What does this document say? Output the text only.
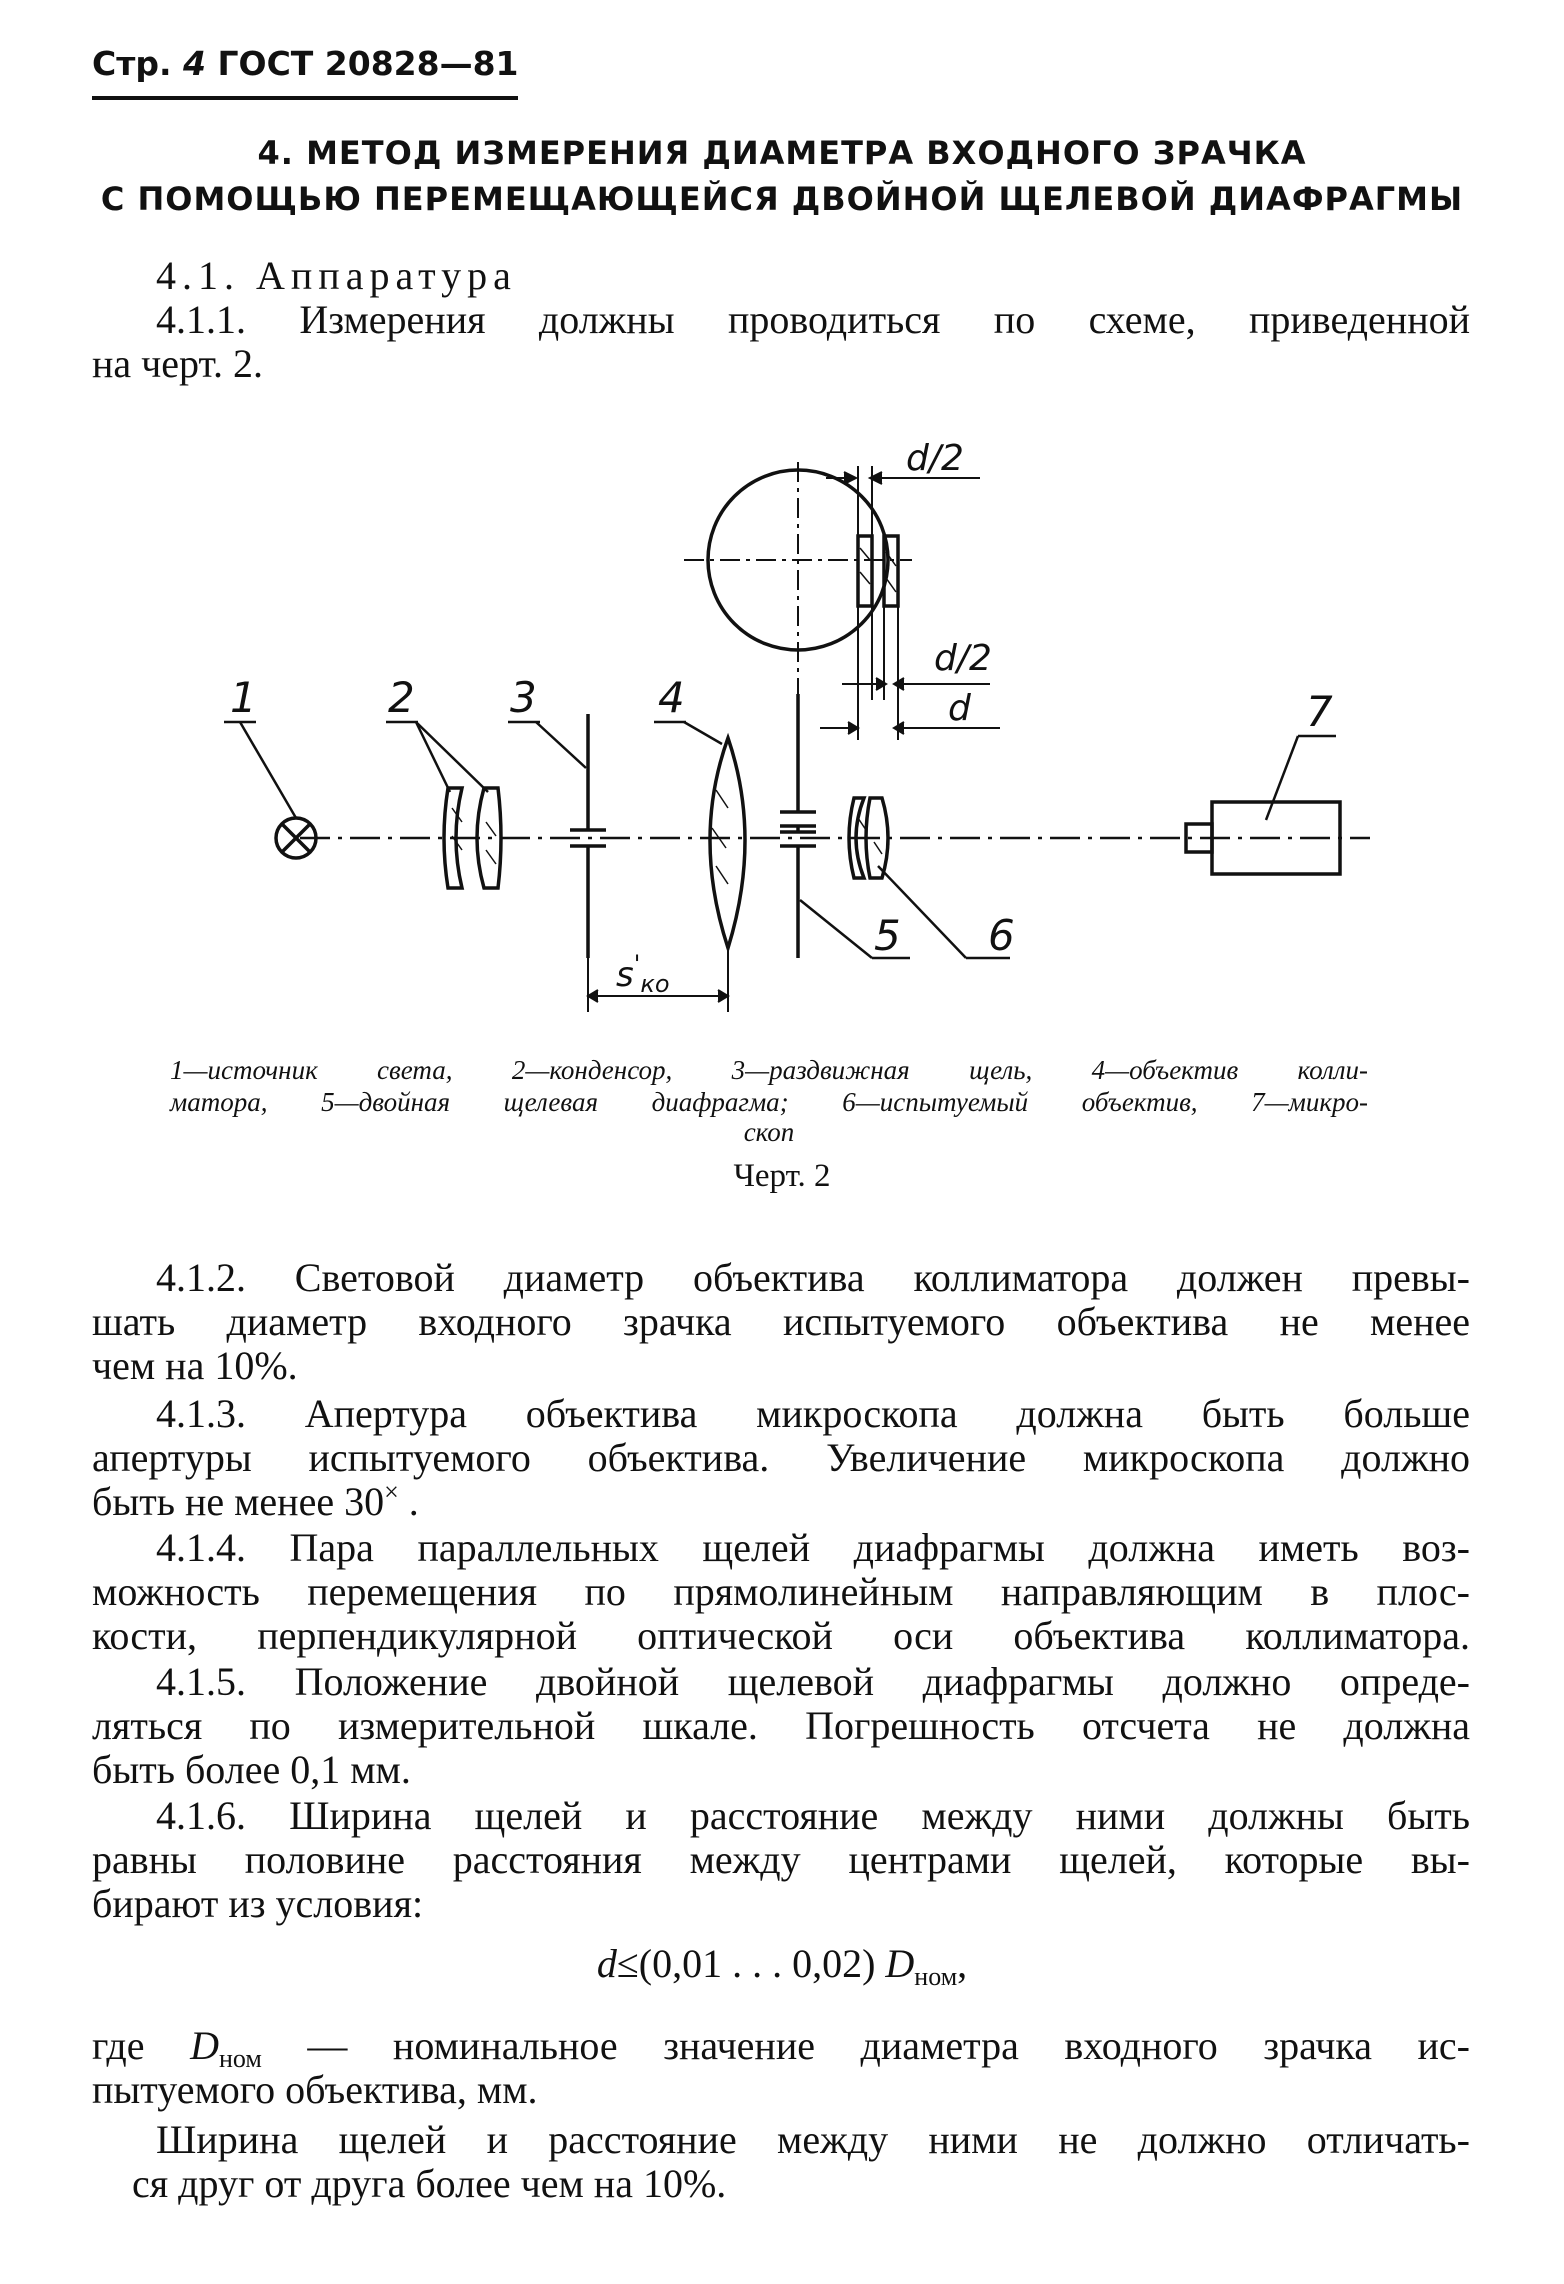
Стр. 4 ГОСТ 20828—81
4. МЕТОД ИЗМЕРЕНИЯ ДИАМЕТРА ВХОДНОГО ЗРАЧКА
С ПОМОЩЬЮ ПЕРЕМЕЩАЮЩЕЙСЯ ДВОЙНОЙ ЩЕЛЕВОЙ ДИАФРАГМЫ
4.1. Аппаратура
4.1.1. Измерения должны проводиться по схеме, приведенной
на черт. 2.
1	2 3	4
5 6
7
d/2
d/2
d
$s'_{ко}$
1—источник света, 2—конденсор, 3—раздвижная щель, 4—объектив колли-
матора, 5—двойная щелевая диафрагма; 6—испытуемый объектив, 7—микро-
скоп
Черт. 2
4.1.2. Световой диаметр объектива коллиматора должен превы-
шать диаметр входного зрачка испытуемого объектива не менее
чем на 10%.
4.1.3. Апертура объектива микроскопа должна быть больше
апертуры испытуемого объектива. Увеличение микроскопа должно
быть не менее 30× .
4.1.4. Пара параллельных щелей диафрагмы должна иметь воз-
можность перемещения по прямолинейным направляющим в плос-
кости, перпендикулярной оптической оси объектива коллиматора.
4.1.5. Положение двойной щелевой диафрагмы должно опреде-
ляться по измерительной шкале. Погрешность отсчета не должна
быть более 0,1 мм.
4.1.6. Ширина щелей и расстояние между ними должны быть
равны половине расстояния между центрами щелей, которые вы-
бирают из условия:
d≤(0,01 . . . 0,02) $D_{ном}$,
где $D_{ном}$ — номинальное значение диаметра входного зрачка ис-
пытуемого объектива, мм.
Ширина щелей и расстояние между ними не должно отличать-
ся друг от друга более чем на 10%.
